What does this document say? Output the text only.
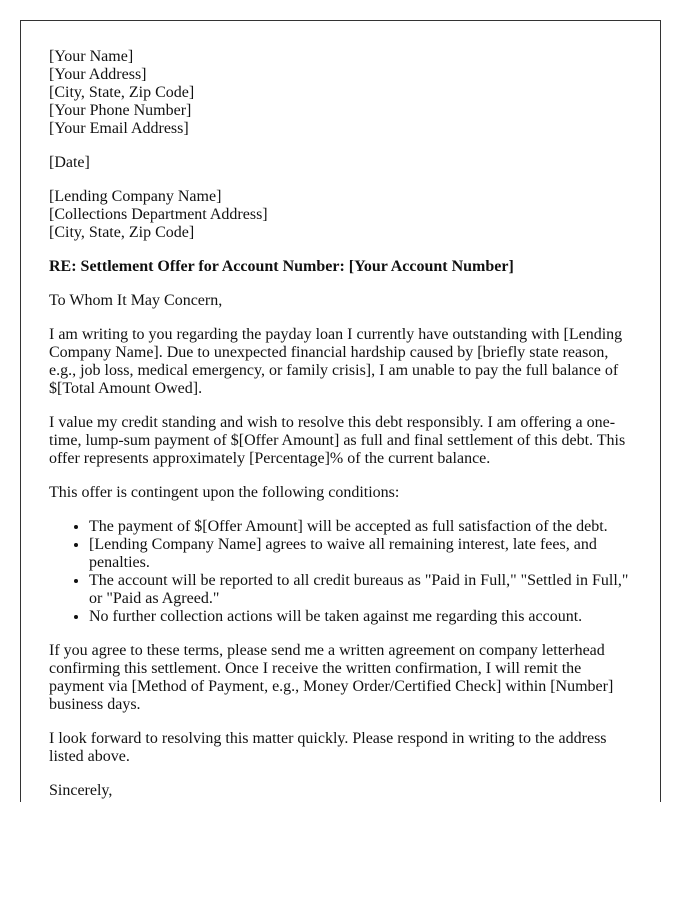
[Your Name]
[Your Address]
[City, State, Zip Code]
[Your Phone Number]
[Your Email Address]

[Date]

[Lending Company Name]
[Collections Department Address]
[City, State, Zip Code]

RE: Settlement Offer for Account Number: [Your Account Number]

To Whom It May Concern,

I am writing to you regarding the payday loan I currently have outstanding with [Lending Company Name]. Due to unexpected financial hardship caused by [briefly state reason, e.g., job loss, medical emergency, or family crisis], I am unable to pay the full balance of $[Total Amount Owed].

I value my credit standing and wish to resolve this debt responsibly. I am offering a one-time, lump-sum payment of $[Offer Amount] as full and final settlement of this debt. This offer represents approximately [Percentage]% of the current balance.

This offer is contingent upon the following conditions:

• The payment of $[Offer Amount] will be accepted as full satisfaction of the debt.
• [Lending Company Name] agrees to waive all remaining interest, late fees, and penalties.
• The account will be reported to all credit bureaus as "Paid in Full," "Settled in Full," or "Paid as Agreed."
• No further collection actions will be taken against me regarding this account.

If you agree to these terms, please send me a written agreement on company letterhead confirming this settlement. Once I receive the written confirmation, I will remit the payment via [Method of Payment, e.g., Money Order/Certified Check] within [Number] business days.

I look forward to resolving this matter quickly. Please respond in writing to the address listed above.

Sincerely,
